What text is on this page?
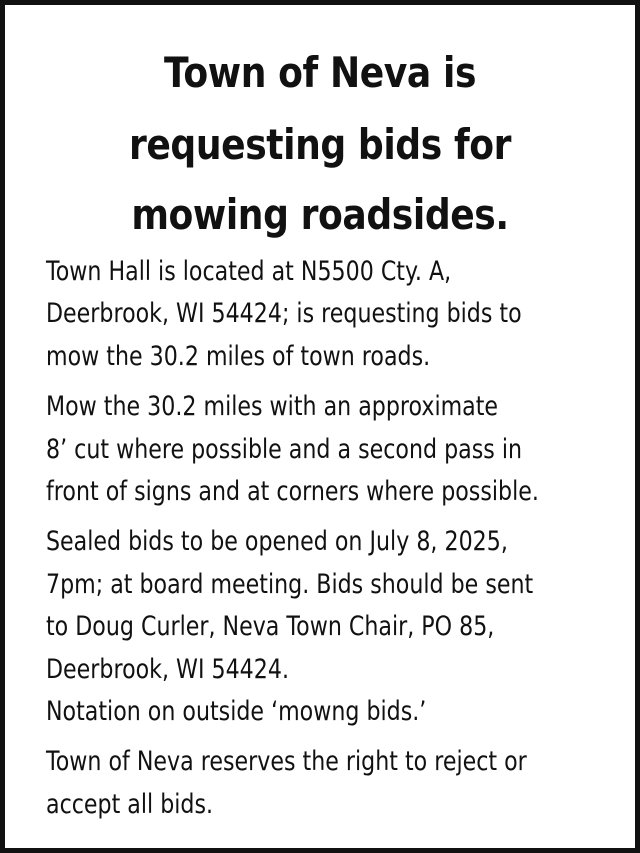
Town of Neva is
requesting bids for
mowing roadsides.
Town Hall is located at N5500 Cty. A,
Deerbrook, WI 54424; is requesting bids to
mow the 30.2 miles of town roads.
Mow the 30.2 miles with an approximate
8’ cut where possible and a second pass in
front of signs and at corners where possible.
Sealed bids to be opened on July 8, 2025,
7pm; at board meeting. Bids should be sent
to Doug Curler, Neva Town Chair, PO 85,
Deerbrook, WI 54424.
Notation on outside ‘mowng bids.’
Town of Neva reserves the right to reject or
accept all bids.
